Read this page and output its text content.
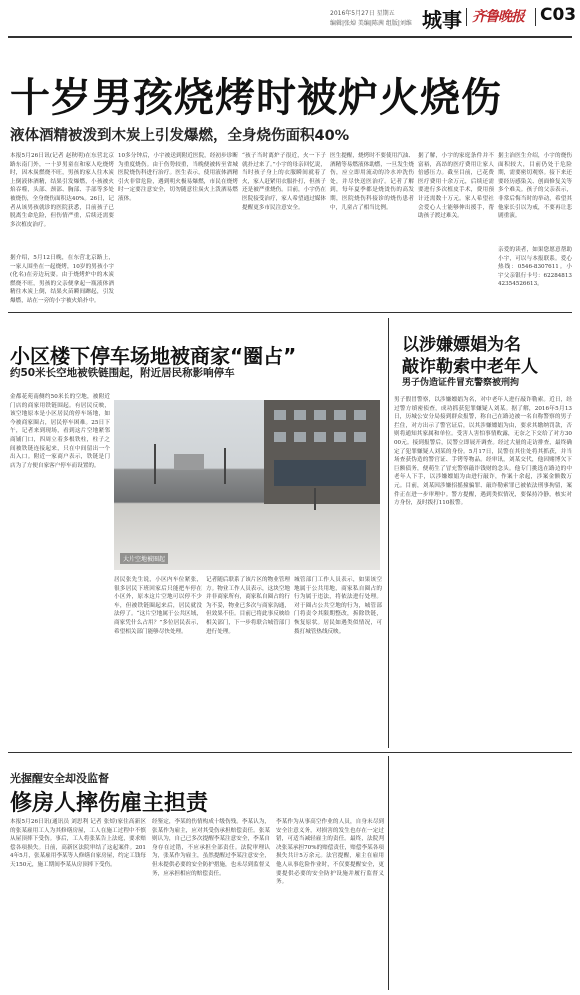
2016年5月27日 星期五
编辑|张焯 美编|陈茜 组版|刘维 城事 齐鲁晚报 C03
十岁男孩烧烤时被炉火烧伤
液体酒精被泼到木炭上引发爆燃，全身烧伤面积40%
本报5月26日讯(记者 赵秋明)在东营北京路东南门外，一十岁男童在和家人吃烧烤时，因木炭燃烧不旺，男孩的家人往木炭上倒液体酒精，结果引发爆燃，小孩被火焰吞噬，头部、颈部、胸部、手部等多处被烧伤，全身烧伤面积达40%。26日，记者从该男孩就诊的医院获悉，目前孩子已脱离生命危险，但伤情严重，后续还需要多次植皮治疗。
据介绍，5月12日晚，在东营北京路上，一家人围坐在一起烧烤，10岁的男孩小宇(化名)在旁边玩耍。由于烧烤炉中的木炭燃烧不旺，男孩的父亲便拿起一瓶液体酒精往木炭上倒，结果火苗瞬间蹿起，引发爆燃，站在一旁的小宇被火焰扑中。
10多分钟后，小宇被送到附近医院，经初步诊断为重度烧伤。由于伤势较重，当晚便被转至省城医院烧伤科进行治疗。医生表示，使用液体酒精引火非常危险，遇到明火极易爆燃，市民在烧烤时一定要注意安全，切勿随意往炭火上泼洒易燃液体。
“孩子当时离炉子很近，火一下子就扑过来了。”小宇的母亲回忆说，当时孩子身上的衣服瞬间就着了火，家人赶紧用衣服扑打，但孩子还是被严重烧伤。目前，小宇仍在医院接受治疗，家人希望通过媒体提醒更多市民注意安全。
医生提醒，烧烤时不要使用汽油、酒精等易燃液体助燃，一旦发生烧伤，应立即用流动的冷水冲洗伤处，并尽快送医治疗。记者了解到，每年夏季都是烧烫伤的高发期，医院烧伤科接诊的烧伤患者中，儿童占了相当比例。
据了解，小宇的家庭条件并不富裕，高昂的医疗费用让家人倍感压力。截至目前，已花费医疗费用十余万元，后续还需要进行多次植皮手术，费用预计还需数十万元。家人希望社会爱心人士能够伸出援手，帮助孩子渡过难关。
据主治医生介绍，小宇的烧伤面积较大，目前仍处于危险期，需要密切观察。接下来还要经历感染关、创面修复关等多个难关。孩子的父亲表示，非常后悔当时的举动，希望其他家长引以为戒，不要再让悲剧重演。
亲爱的读者，如果您愿意帮助小宇，可以与本报联系。爱心热线：0546-8307611。小宇父亲银行卡号：6228481342354526613。
小区楼下停车场地被商家“圈占”
约50米长空地被铁链围起，附近居民称影响停车
金都花苑南侧约50米长的空地，被附近门店的商家用铁链围起。有居民反映，该空地原本是小区居民的停车场地，如今被商家圈占，居民停车困难。25日下午，记者来到现场，看到这片空地紧邻商铺门口，四周立着多根铁柱，柱子之间被铁链连接起来，只在中间留出一个出入口。附近一家商户表示，铁链是门店为了方便自家客户停车而设置的。
大片空地被圈起
居民张先生说，小区内车位紧张，很多居民下班回家后只能把车停在小区外，原本这片空地可以停不少车，但被铁链圈起来后，居民就没法停了。“这片空地属于公共区域，商家凭什么占用？”多位居民表示，希望相关部门能够尽快处理。
记者随后联系了该片区的物业管理方。物业工作人员表示，这块空地并非商家所有，商家私自圈占的行为不妥，物业已多次与商家沟通，但效果不佳。目前已将此事反映给相关部门，下一步将联合城管部门进行处理。
城管部门工作人员表示，如果该空地属于公共用地，商家私自圈占的行为属于违法，将依法进行处理。对于圈占公共空地的行为，城管部门将责令其限期整改，拆除铁链，恢复原状。居民如遇类似情况，可拨打城管热线反映。
以涉嫌嫖娼为名
敲诈勒索中老年人
男子伪造证件冒充警察被刑拘
男子假冒警察，以涉嫌嫖娼为名，对中老年人进行敲诈勒索。近日，经过警方缜密侦查，成功抓获犯罪嫌疑人刘某。据了解，2016年5月13日，历城公安分局接到群众报警，称自己在路边被一名自称警察的男子拦住，对方出示了警官证后，以其涉嫌嫖娼为由，要求其缴纳罚款，否则将通知其家属和单位。受害人害怕事情败露，无奈之下交给了对方3000元。接到报警后，民警立即展开调查。经过大量的走访排查，最终确定了犯罪嫌疑人刘某的身份。5月17日，民警在其住处将其抓获，并当场查获伪造的警官证、手铐等物品。经审讯，刘某交代，他因赌博欠下巨额债务，便萌生了冒充警察敲诈钱财的念头。他专门挑选在路边的中老年人下手，以涉嫌嫖娼为由进行敲诈，作案十余起，涉案金额数万元。目前，刘某因涉嫌招摇撞骗罪、敲诈勒索罪已被依法刑事拘留，案件正在进一步审理中。警方提醒，遇到类似情况，要保持冷静，核实对方身份，及时拨打110报警。
光握醒安全却没监督
修房人摔伤雇主担责
本报5月26日讯(通讯员 刘思利 记者 张焯)家住高新区的张某雇用工人为其修缮房屋，工人在施工过程中不慎从屋顶摔下受伤。事后，工人将张某告上法庭，要求赔偿各项损失。日前，高新区法院审结了这起案件。2014年5月，张某雇用李某等人修缮自家房屋，约定工钱每天150元，施工期间李某从房顶摔下受伤。
经鉴定，李某的伤情构成十级伤残。李某认为，张某作为雇主，应对其受伤承担赔偿责任。张某则认为，自己已多次提醒李某注意安全，李某自身存在过错，不应承担全部责任。法院审理认为，张某作为雇主，虽然提醒过李某注意安全，但未提供必要的安全防护措施，也未尽到监督义务，应承担相应的赔偿责任。
李某作为从事高空作业的人员，自身未尽到安全注意义务，对损害的发生也存在一定过错，可适当减轻雇主的责任。最终，法院判决张某承担70%的赔偿责任，赔偿李某各项损失共计5万余元。法官提醒，雇主在雇用他人从事危险作业时，不仅要提醒安全，更要提供必要的安全防护设施并履行监督义务。
